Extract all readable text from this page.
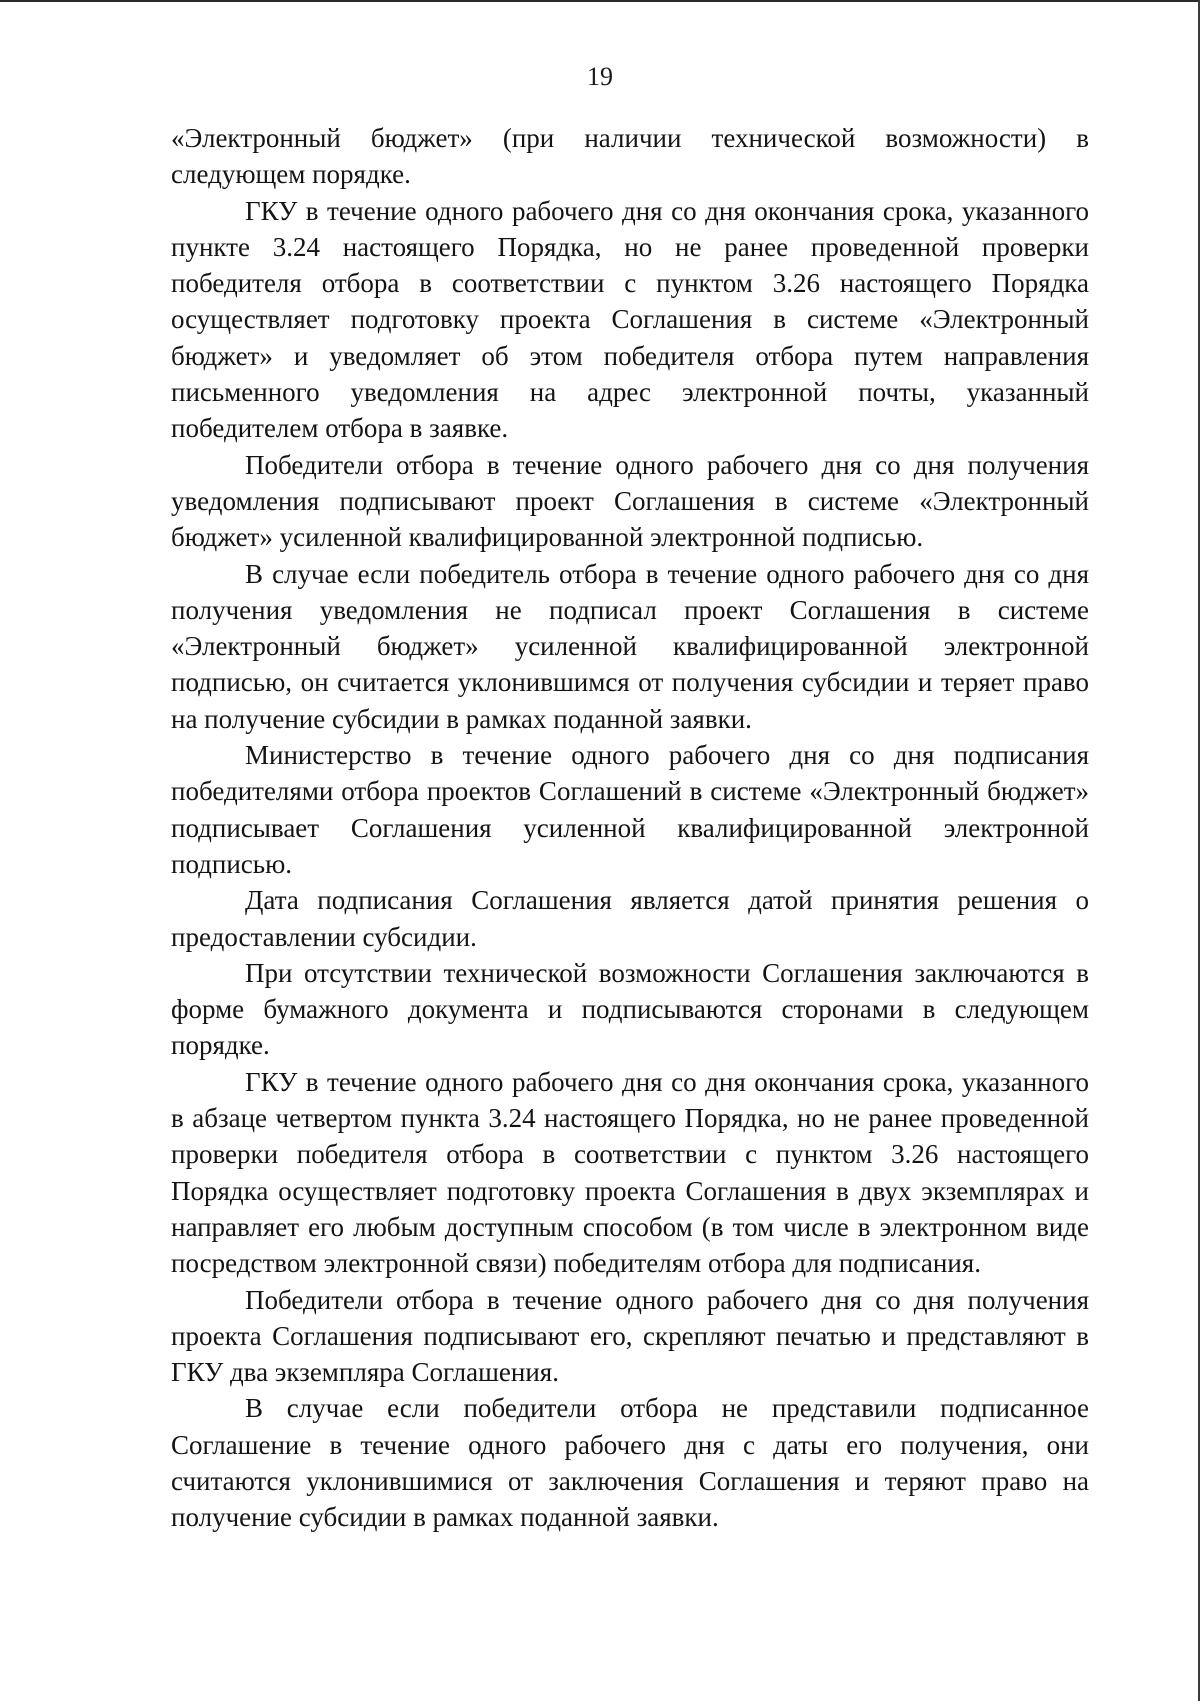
19

«Электронный бюджет» (при наличии технической возможности) в следующем порядке.

ГКУ в течение одного рабочего дня со дня окончания срока, указанного пункте 3.24 настоящего Порядка, но не ранее проведенной проверки победителя отбора в соответствии с пунктом 3.26 настоящего Порядка осуществляет подготовку проекта Соглашения в системе «Электронный бюджет» и уведомляет об этом победителя отбора путем направления письменного уведомления на адрес электронной почты, указанный победителем отбора в заявке.

Победители отбора в течение одного рабочего дня со дня получения уведомления подписывают проект Соглашения в системе «Электронный бюджет» усиленной квалифицированной электронной подписью.

В случае если победитель отбора в течение одного рабочего дня со дня получения уведомления не подписал проект Соглашения в системе «Электронный бюджет» усиленной квалифицированной электронной подписью, он считается уклонившимся от получения субсидии и теряет право на получение субсидии в рамках поданной заявки.

Министерство в течение одного рабочего дня со дня подписания победителями отбора проектов Соглашений в системе «Электронный бюджет» подписывает Соглашения усиленной квалифицированной электронной подписью.

Дата подписания Соглашения является датой принятия решения о предоставлении субсидии.

При отсутствии технической возможности Соглашения заключаются в форме бумажного документа и подписываются сторонами в следующем порядке.

ГКУ в течение одного рабочего дня со дня окончания срока, указанного в абзаце четвертом пункта 3.24 настоящего Порядка, но не ранее проведенной проверки победителя отбора в соответствии с пунктом 3.26 настоящего Порядка осуществляет подготовку проекта Соглашения в двух экземплярах и направляет его любым доступным способом (в том числе в электронном виде посредством электронной связи) победителям отбора для подписания.

Победители отбора в течение одного рабочего дня со дня получения проекта Соглашения подписывают его, скрепляют печатью и представляют в ГКУ два экземпляра Соглашения.

В случае если победители отбора не представили подписанное Соглашение в течение одного рабочего дня с даты его получения, они считаются уклонившимися от заключения Соглашения и теряют право на получение субсидии в рамках поданной заявки.
